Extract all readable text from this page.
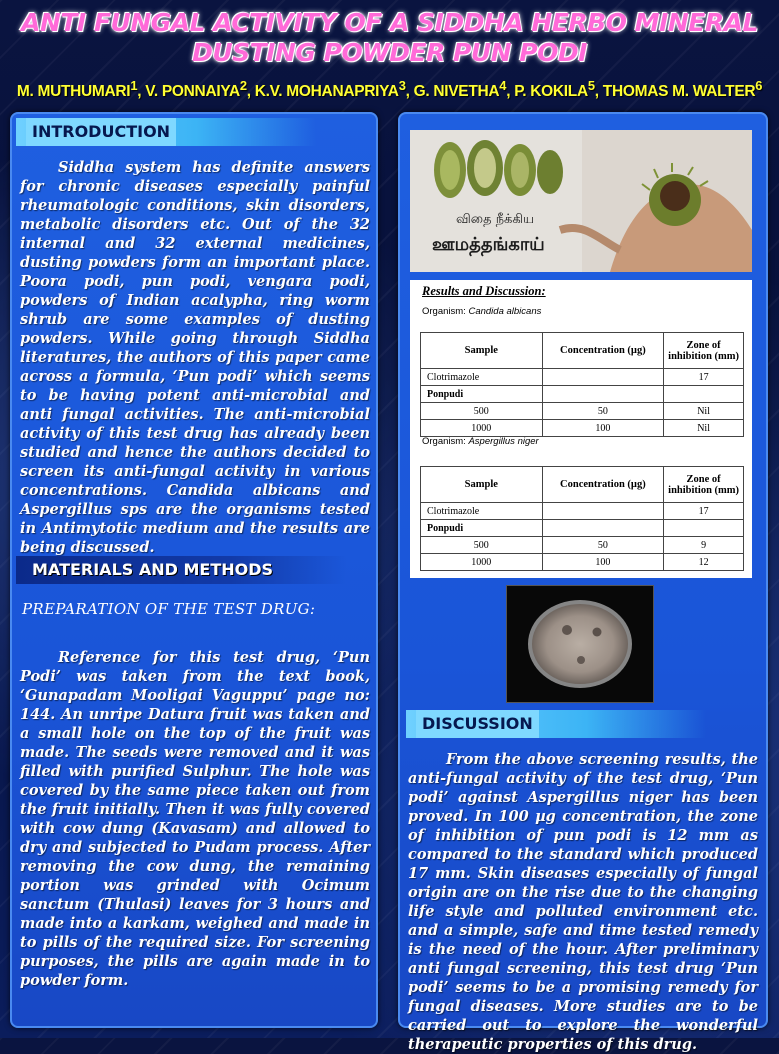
ANTI FUNGAL ACTIVITY OF A SIDDHA HERBO MINERAL
DUSTING POWDER PUN PODI
M. MUTHUMARI$^1$, V. PONNAIYA$^2$, K.V. MOHANAPRIYA$^3$, G. NIVETHA$^4$, P. KOKILA$^5$, THOMAS M. WALTER$^6$
INTRODUCTION

Siddha system has definite answers for chronic diseases especially painful rheumatologic conditions, skin disorders, metabolic disorders etc. Out of the 32 internal and 32 external medicines, dusting powders form an important place. Poora podi, pun podi, vengara podi, powders of Indian acalypha, ring worm shrub are some examples of dusting powders. While going through Siddha literatures, the authors of this paper came across a formula, ‘Pun podi’ which seems to be having potent anti-microbial and anti fungal activities. The anti-microbial activity of this test drug has already been studied and hence the authors decided to screen its anti-fungal activity in various concentrations. Candida albicans and Aspergillus sps are the organisms tested in Antimytotic medium and the results are being discussed.

MATERIALS AND METHODS
PREPARATION OF THE TEST DRUG:

Reference for this test drug, ‘Pun Podi’ was taken from the text book, ‘Gunapadam Mooligai Vaguppu’ page no: 144. An unripe Datura fruit was taken and a small hole on the top of the fruit was made. The seeds were removed and it was filled with purified Sulphur. The hole was covered by the same piece taken out from the fruit initially. Then it was fully covered with cow dung (Kavasam) and allowed to dry and subjected to Pudam process. After removing the cow dung, the remaining portion was grinded with Ocimum sanctum (Thulasi) leaves for 3 hours and made into a karkam, weighed and made in to pills of the required size. For screening purposes, the pills are again made in to powder form.

விதை நீக்கிய
ஊமத்தங்காய்
Results and Discussion:
Organism: Candida albicans
Sample	Concentration (µg)	Zone of inhibition (mm)
Clotrimazole		17
Ponpudi		
500	50	Nil
1000	100	Nil
Organism: Aspergillus niger
Sample	Concentration (µg)	Zone of inhibition (mm)
Clotrimazole		17
Ponpudi		
500	50	9
1000	100	12
DISCUSSION

From the above screening results, the anti-fungal activity of the test drug, ‘Pun podi’ against Aspergillus niger has been proved. In 100 µg concentration, the zone of inhibition of pun podi is 12 mm as compared to the standard which produced 17 mm. Skin diseases especially of fungal origin are on the rise due to the changing life style and polluted environment etc. and a simple, safe and time tested remedy is the need of the hour. After preliminary anti fungal screening, this test drug ‘Pun podi’ seems to be a promising remedy for fungal diseases. More studies are to be carried out to explore the wonderful therapeutic properties of this drug.
